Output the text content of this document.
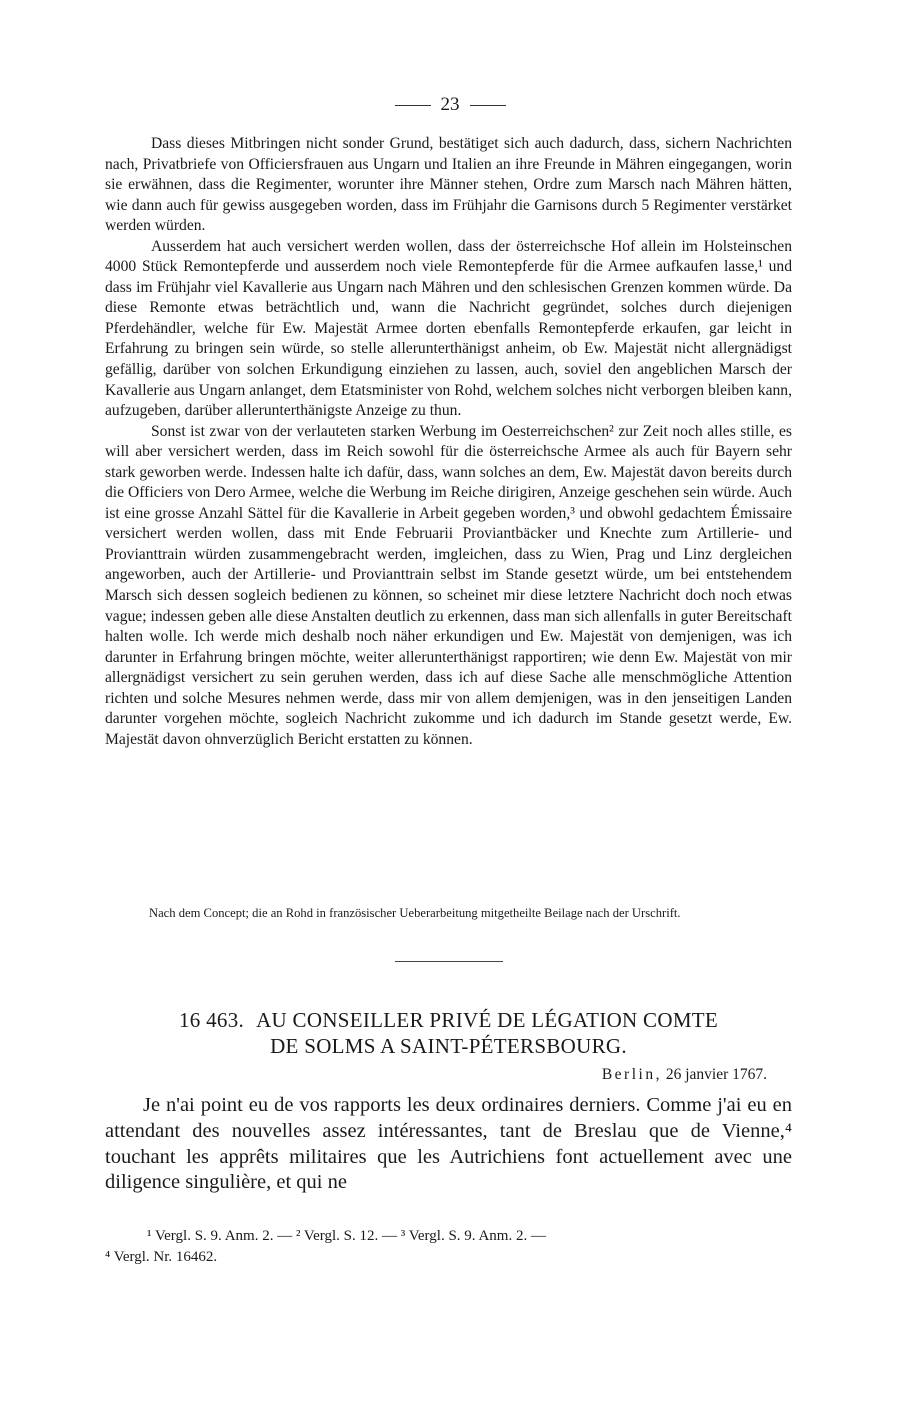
23

Dass dieses Mitbringen nicht sonder Grund, bestätiget sich auch dadurch, dass, sichern Nachrichten nach, Privatbriefe von Officiersfrauen aus Ungarn und Italien an ihre Freunde in Mähren eingegangen, worin sie erwähnen, dass die Regimenter, worunter ihre Männer stehen, Ordre zum Marsch nach Mähren hätten, wie dann auch für gewiss ausgegeben worden, dass im Frühjahr die Garnisons durch 5 Regimenter verstärket werden würden.

Ausserdem hat auch versichert werden wollen, dass der österreichsche Hof allein im Holsteinschen 4000 Stück Remontepferde und ausserdem noch viele Remontepferde für die Armee aufkaufen lasse,¹ und dass im Frühjahr viel Kavallerie aus Ungarn nach Mähren und den schlesischen Grenzen kommen würde. Da diese Remonte etwas beträchtlich und, wann die Nachricht gegründet, solches durch diejenigen Pferdehändler, welche für Ew. Majestät Armee dorten ebenfalls Remontepferde erkaufen, gar leicht in Erfahrung zu bringen sein würde, so stelle allerunterthänigst anheim, ob Ew. Majestät nicht allergnädigst gefällig, darüber von solchen Erkundigung einziehen zu lassen, auch, soviel den angeblichen Marsch der Kavallerie aus Ungarn anlanget, dem Etatsminister von Rohd, welchem solches nicht verborgen bleiben kann, aufzugeben, darüber allerunterthänigste Anzeige zu thun.

Sonst ist zwar von der verlauteten starken Werbung im Oesterreichschen² zur Zeit noch alles stille, es will aber versichert werden, dass im Reich sowohl für die österreichsche Armee als auch für Bayern sehr stark geworben werde. Indessen halte ich dafür, dass, wann solches an dem, Ew. Majestät davon bereits durch die Officiers von Dero Armee, welche die Werbung im Reiche dirigiren, Anzeige geschehen sein würde. Auch ist eine grosse Anzahl Sättel für die Kavallerie in Arbeit gegeben worden,³ und obwohl gedachtem Émissaire versichert werden wollen, dass mit Ende Februarii Proviantbäcker und Knechte zum Artillerie- und Provianttrain würden zusammengebracht werden, imgleichen, dass zu Wien, Prag und Linz dergleichen angeworben, auch der Artillerie- und Provianttrain selbst im Stande gesetzt würde, um bei entstehendem Marsch sich dessen sogleich bedienen zu können, so scheinet mir diese letztere Nachricht doch noch etwas vague; indessen geben alle diese Anstalten deutlich zu erkennen, dass man sich allenfalls in guter Bereitschaft halten wolle. Ich werde mich deshalb noch näher erkundigen und Ew. Majestät von demjenigen, was ich darunter in Erfahrung bringen möchte, weiter allerunterthänigst rapportiren; wie denn Ew. Majestät von mir allergnädigst versichert zu sein geruhen werden, dass ich auf diese Sache alle menschmögliche Attention richten und solche Mesures nehmen werde, dass mir von allem demjenigen, was in den jenseitigen Landen darunter vorgehen möchte, sogleich Nachricht zukomme und ich dadurch im Stande gesetzt werde, Ew. Majestät davon ohnverzüglich Bericht erstatten zu können.

Nach dem Concept; die an Rohd in französischer Ueberarbeitung mitgetheilte Beilage nach der Urschrift.
16 463. AU CONSEILLER PRIVÉ DE LÉGATION COMTE
DE SOLMS A SAINT-PÉTERSBOURG.
Berlin, 26 janvier 1767.
Je n'ai point eu de vos rapports les deux ordinaires derniers. Comme j'ai eu en attendant des nouvelles assez intéressantes, tant de Breslau que de Vienne,⁴ touchant les apprêts militaires que les Autrichiens font actuellement avec une diligence singulière, et qui ne
¹ Vergl. S. 9. Anm. 2. — ² Vergl. S. 12. — ³ Vergl. S. 9. Anm. 2. —
⁴ Vergl. Nr. 16462.
